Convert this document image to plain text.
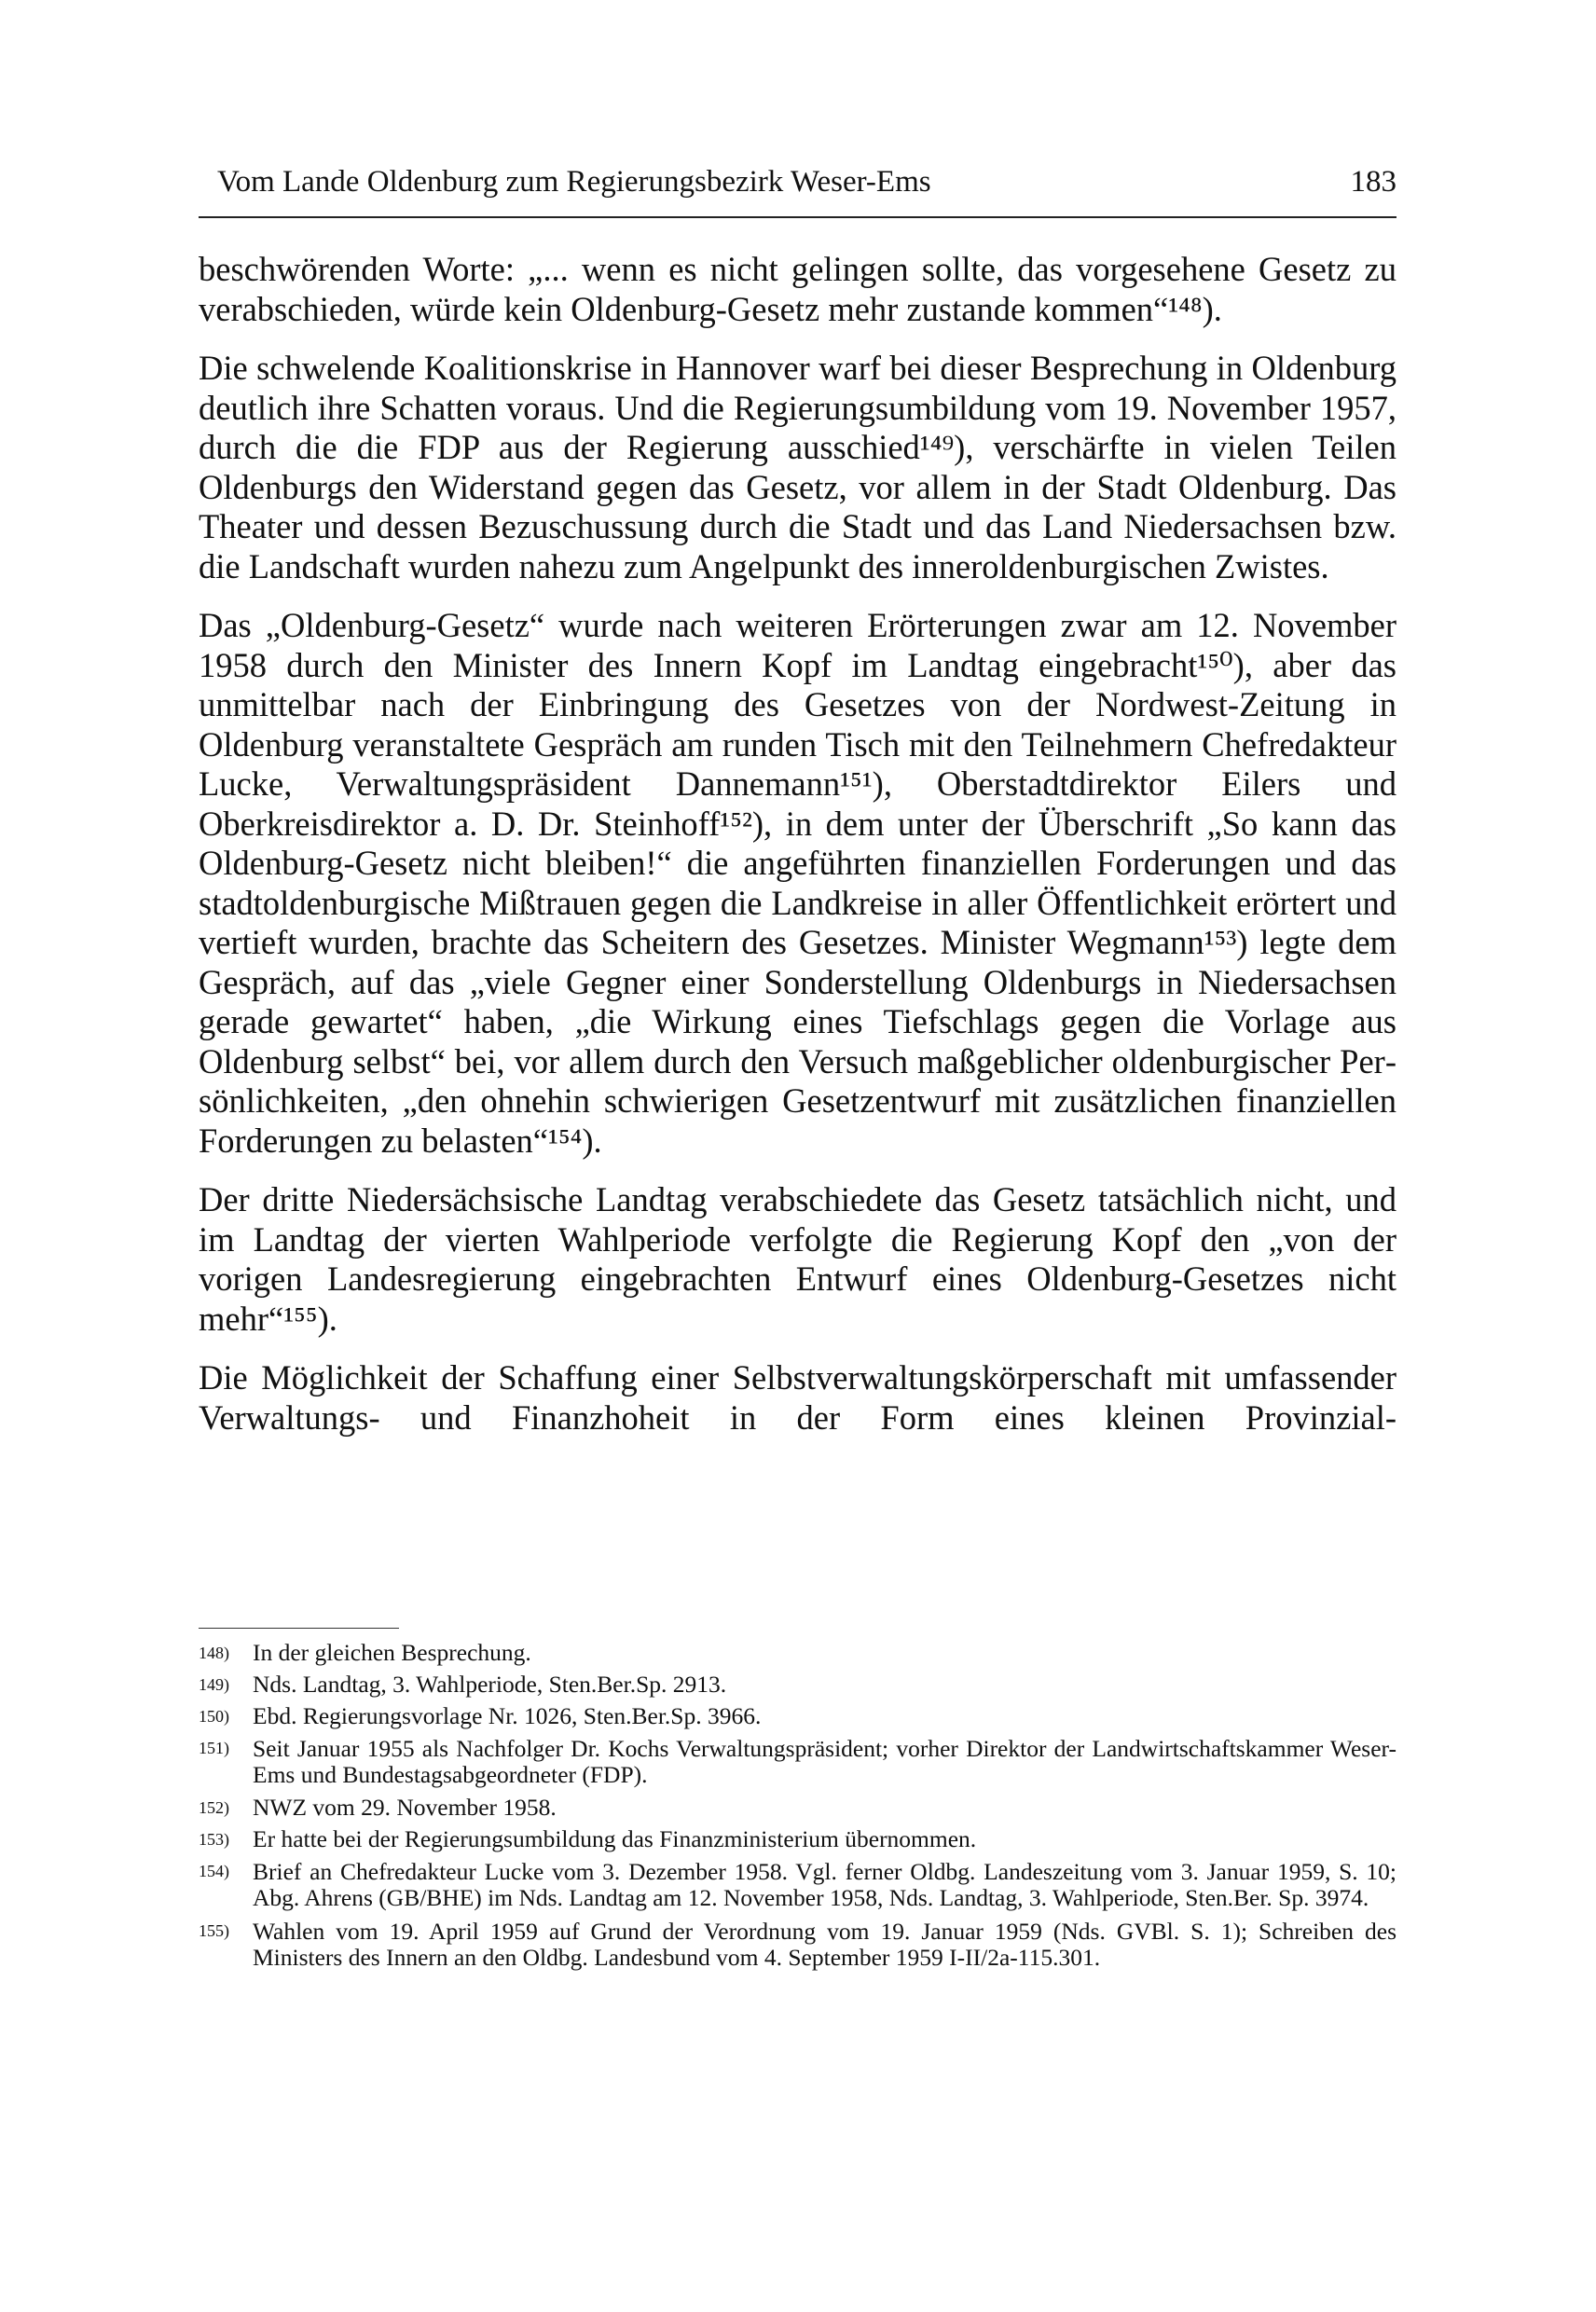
Vom Lande Oldenburg zum Regierungsbezirk Weser-Ems	183

beschwörenden Worte: „... wenn es nicht gelingen sollte, das vorgesehene Gesetz zu verabschieden, würde kein Oldenburg-Gesetz mehr zustande kommen“¹⁴⁸).

Die schwelende Koalitionskrise in Hannover warf bei dieser Besprechung in Oldenburg deutlich ihre Schatten voraus. Und die Regierungsumbildung vom 19. November 1957, durch die die FDP aus der Regierung ausschied¹⁴⁹), verschärfte in vielen Teilen Oldenburgs den Widerstand gegen das Gesetz, vor allem in der Stadt Oldenburg. Das Theater und dessen Bezuschussung durch die Stadt und das Land Niedersachsen bzw. die Landschaft wurden nahezu zum Angelpunkt des inneroldenburgischen Zwistes.

Das „Oldenburg-Gesetz“ wurde nach weiteren Erörterungen zwar am 12. November 1958 durch den Minister des Innern Kopf im Landtag eingebracht¹⁵⁰), aber das unmittelbar nach der Einbringung des Gesetzes von der Nordwest-Zeitung in Oldenburg veranstaltete Gespräch am runden Tisch mit den Teilnehmern Chefredakteur Lucke, Verwaltungspräsident Dannemann¹⁵¹), Oberstadtdirektor Eilers und Oberkreisdirektor a. D. Dr. Steinhoff¹⁵²), in dem unter der Überschrift „So kann das Oldenburg-Gesetz nicht bleiben!“ die angeführten finanziellen Forderungen und das stadtoldenburgische Mißtrauen gegen die Landkreise in aller Öffentlichkeit erörtert und vertieft wurden, brachte das Scheitern des Gesetzes. Minister Wegmann¹⁵³) legte dem Gespräch, auf das „viele Gegner einer Sonderstellung Oldenburgs in Niedersachsen gerade gewartet“ haben, „die Wirkung eines Tiefschlags gegen die Vorlage aus Oldenburg selbst“ bei, vor allem durch den Versuch maßgeblicher oldenburgischer Persönlichkeiten, „den ohnehin schwierigen Gesetzentwurf mit zusätzlichen finanziellen Forderungen zu belasten“¹⁵⁴).

Der dritte Niedersächsische Landtag verabschiedete das Gesetz tatsächlich nicht, und im Landtag der vierten Wahlperiode verfolgte die Regierung Kopf den „von der vorigen Landesregierung eingebrachten Entwurf eines Oldenburg-Gesetzes nicht mehr“¹⁵⁵).

Die Möglichkeit der Schaffung einer Selbstverwaltungskörperschaft mit umfassender Verwaltungs- und Finanzhoheit in der Form eines kleinen Provinzial-

148) In der gleichen Besprechung.
149) Nds. Landtag, 3. Wahlperiode, Sten.Ber.Sp. 2913.
150) Ebd. Regierungsvorlage Nr. 1026, Sten.Ber.Sp. 3966.
151) Seit Januar 1955 als Nachfolger Dr. Kochs Verwaltungspräsident; vorher Direktor der Landwirtschaftskammer Weser-Ems und Bundestagsabgeordneter (FDP).
152) NWZ vom 29. November 1958.
153) Er hatte bei der Regierungsumbildung das Finanzministerium übernommen.
154) Brief an Chefredakteur Lucke vom 3. Dezember 1958. Vgl. ferner Oldbg. Landeszeitung vom 3. Januar 1959, S. 10; Abg. Ahrens (GB/BHE) im Nds. Landtag am 12. November 1958, Nds. Landtag, 3. Wahlperiode, Sten.Ber. Sp. 3974.
155) Wahlen vom 19. April 1959 auf Grund der Verordnung vom 19. Januar 1959 (Nds. GVBl. S. 1); Schreiben des Ministers des Innern an den Oldbg. Landesbund vom 4. September 1959 I-II/2a-115.301.
